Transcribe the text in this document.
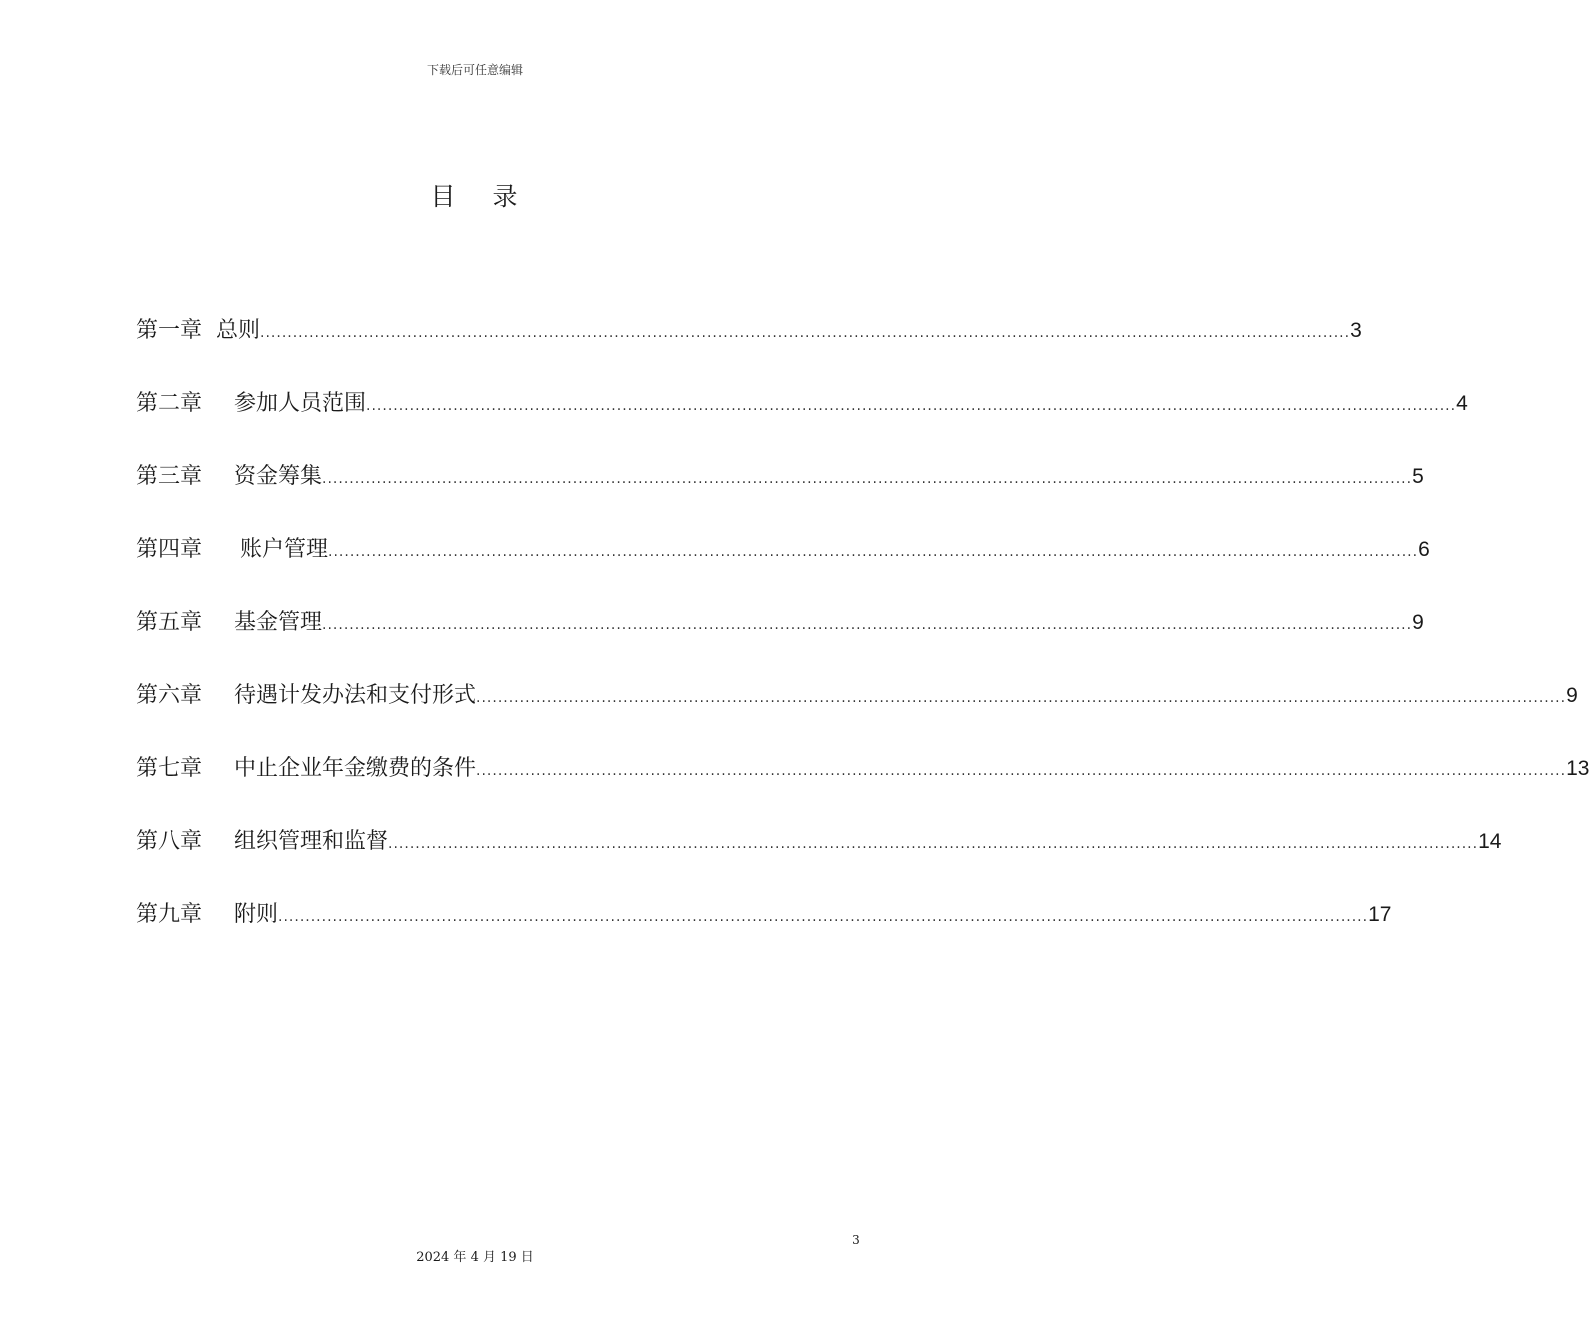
下载后可任意编辑
目 录
第一章 总则 ........................................................................................................................................................................................................ 3
第二章 参加人员范围 ........................................................................................................................................................................................................ 4
第三章 资金筹集 ........................................................................................................................................................................................................ 5
第四章 账户管理 ........................................................................................................................................................................................................ 6
第五章 基金管理 ........................................................................................................................................................................................................ 9
第六章 待遇计发办法和支付形式 ........................................................................................................................................................................................................ 9
第七章 中止企业年金缴费的条件 ........................................................................................................................................................................................................ 13
第八章 组织管理和监督 ........................................................................................................................................................................................................ 14
第九章 附则 ........................................................................................................................................................................................................ 17
3
2024 年 4 月 19 日
